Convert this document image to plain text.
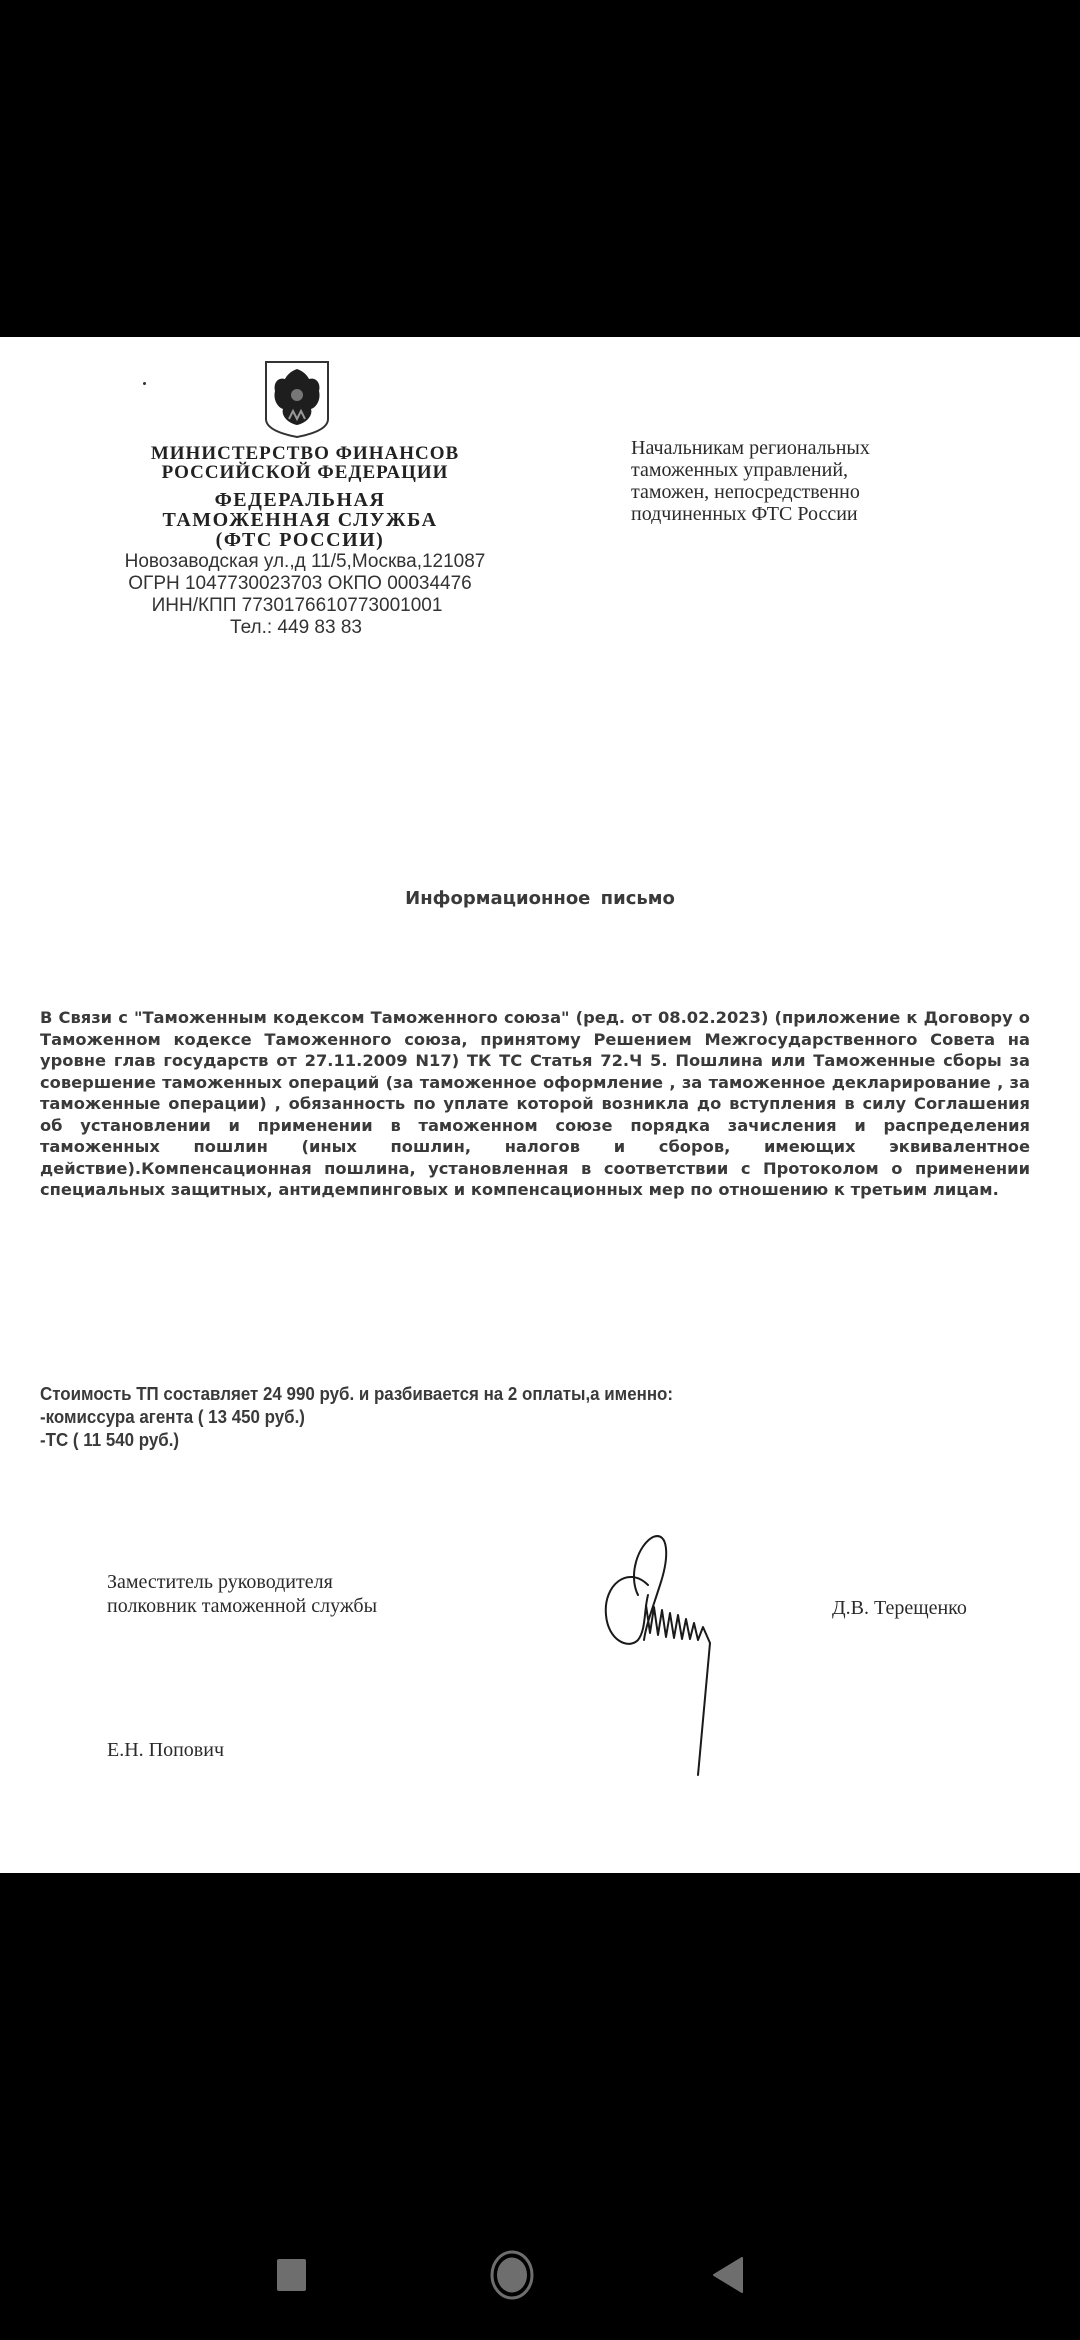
МИНИСТЕРСТВО ФИНАНСОВ
РОССИЙСКОЙ ФЕДЕРАЦИИ
ФЕДЕРАЛЬНАЯ
ТАМОЖЕННАЯ СЛУЖБА
(ФТС РОССИИ)
Новозаводская ул.,д 11/5,Москва,121087
ОГРН 1047730023703 ОКПО 00034476
ИНН/КПП 7730176610773001001
Тел.: 449 83 83
Начальникам региональных
таможенных управлений,
таможен, непосредственно
подчиненных ФТС России
Информационное письмо
В Связи с "Таможенным кодексом Таможенного союза" (ред. от 08.02.2023) (приложение к Договору о Таможенном кодексе Таможенного союза, принятому Решением Межгосударственного Совета на уровне глав государств от 27.11.2009 N17) ТК ТС Статья 72.Ч 5. Пошлина или Таможенные сборы за совершение таможенных операций (за таможенное оформление , за таможенное декларирование , за таможенные операции) , обязанность по уплате которой возникла до вступления в силу Соглашения об установлении и применении в таможенном союзе порядка зачисления и распределения таможенных пошлин (иных пошлин, налогов и сборов, имеющих эквивалентное действие).Компенсационная пошлина, установленная в соответствии с Протоколом о применении специальных защитных, антидемпинговых и компенсационных мер по отношению к третьим лицам.
Стоимость ТП составляет 24 990 руб. и разбивается на 2 оплаты,а именно:
-комиссура агента ( 13 450 руб.)
-ТС ( 11 540 руб.)
Заместитель руководителя
полковник таможенной службы	Д.В. Терещенко
Е.Н. Попович
